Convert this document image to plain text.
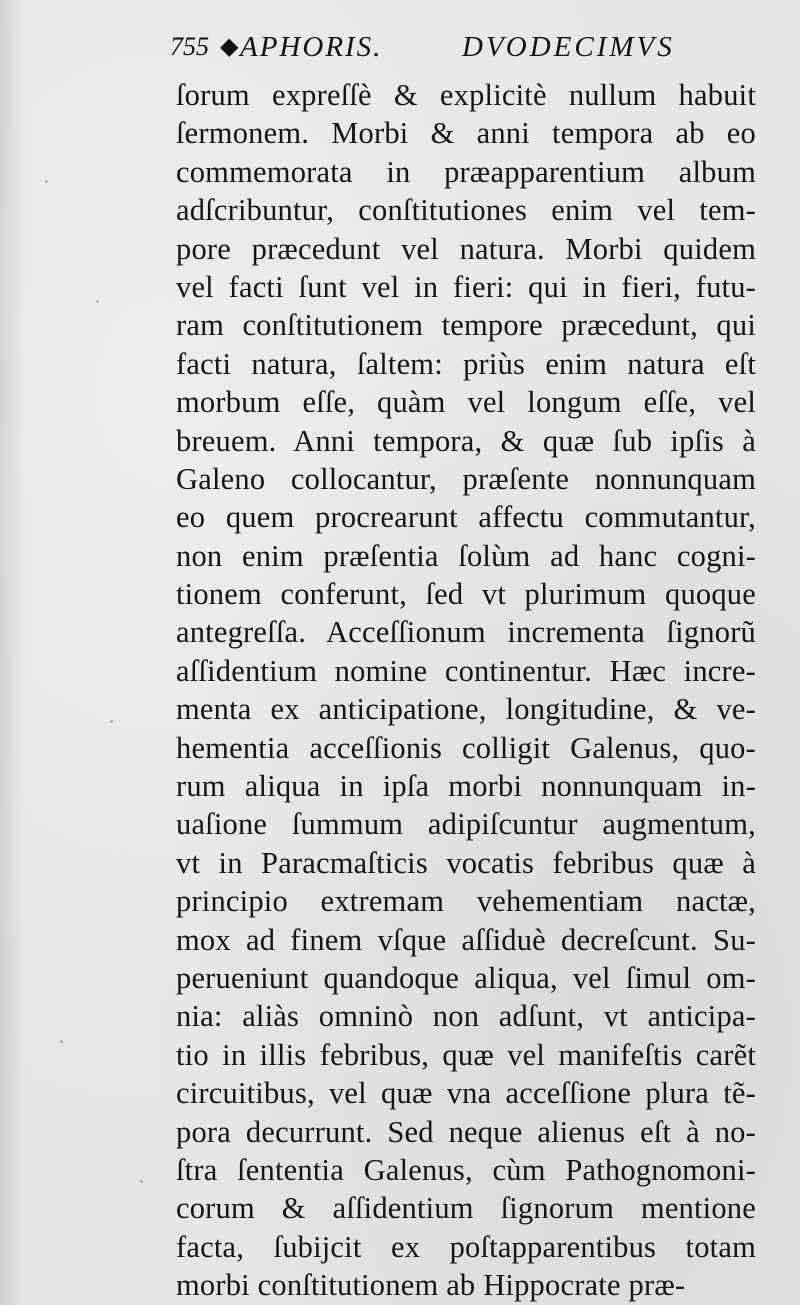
755 ◆ APHORIS.	DVODECIMVS
ſorum expreſſè & explicitè nullum habuit
ſermonem. Morbi & anni tempora ab eo
commemorata in præapparentium album
adſcribuntur, conſtitutiones enim vel tem-
pore præcedunt vel natura. Morbi quidem
vel facti ſunt vel in fieri: qui in fieri, futu-
ram conſtitutionem tempore præcedunt, qui
facti natura, ſaltem: priùs enim natura eſt
morbum eſſe, quàm vel longum eſſe, vel
breuem. Anni tempora, & quæ ſub ipſis à
Galeno collocantur, præſente nonnunquam
eo quem procrearunt affectu commutantur,
non enim præſentia ſolùm ad hanc cogni-
tionem conferunt, ſed vt plurimum quoque
antegreſſa. Acceſſionum incrementa ſignorũ
aſſidentium nomine continentur. Hæc incre-
menta ex anticipatione, longitudine, & ve-
hementia acceſſionis colligit Galenus, quo-
rum aliqua in ipſa morbi nonnunquam in-
uaſione ſummum adipiſcuntur augmentum,
vt in Paracmaſticis vocatis febribus quæ à
principio extremam vehementiam nactæ,
mox ad finem vſque aſſiduè decreſcunt. Su-
perueniunt quandoque aliqua, vel ſimul om-
nia: aliàs omninò non adſunt, vt anticipa-
tio in illis febribus, quæ vel manifeſtis carẽt
circuitibus, vel quæ vna acceſſione plura tẽ-
pora decurrunt. Sed neque alienus eſt à no-
ſtra ſententia Galenus, cùm Pathognomoni-
corum & aſſidentium ſignorum mentione
facta, ſubijcit ex poſtapparentibus totam
morbi conſtitutionem ab Hippocrate præ-
